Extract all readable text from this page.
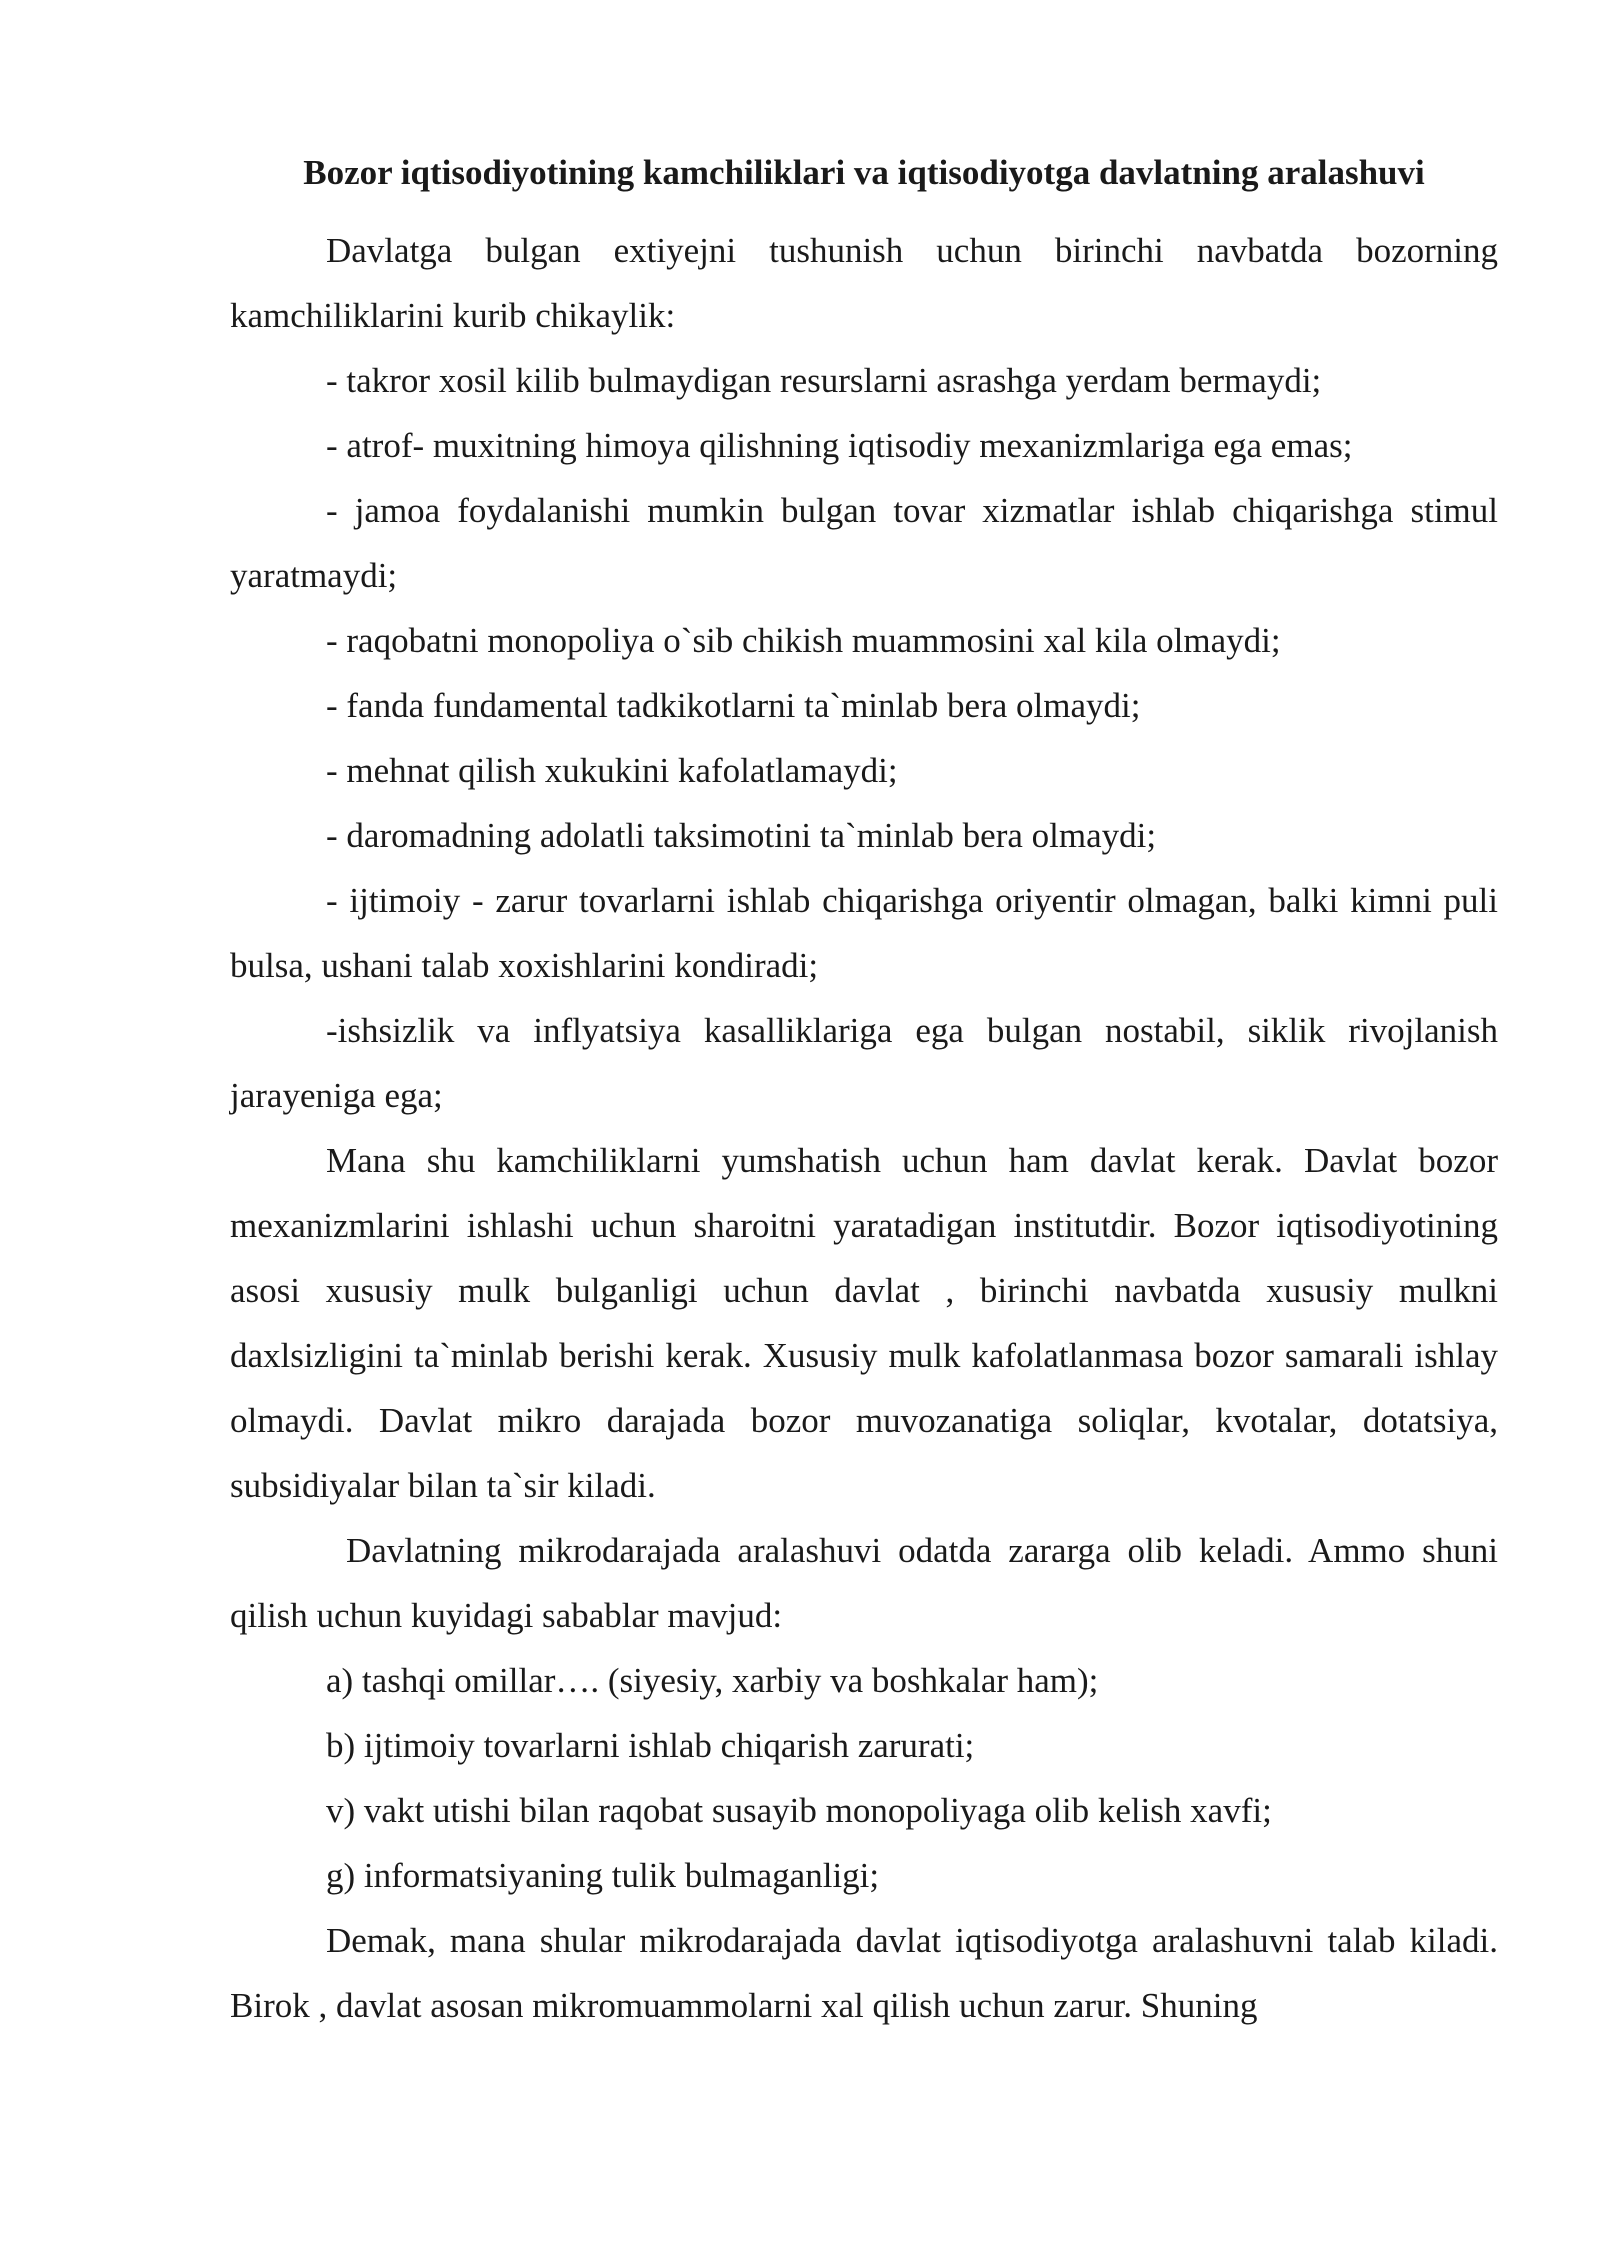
Bozor iqtisodiyotining kamchiliklari va iqtisodiyotga davlatning aralashuvi

Davlatga bulgan extiyejni tushunish uchun birinchi navbatda bozorning kamchiliklarini kurib chikaylik:

- takror xosil kilib bulmaydigan resurslarni asrashga yerdam bermaydi;
- atrof- muxitning himoya qilishning iqtisodiy mexanizmlariga ega emas;
- jamoa foydalanishi mumkin bulgan tovar xizmatlar ishlab chiqarishga stimul yaratmaydi;
- raqobatni monopoliya o`sib chikish muammosini xal kila olmaydi;
- fanda fundamental tadkikotlarni ta`minlab bera olmaydi;
- mehnat qilish xukukini kafolatlamaydi;
- daromadning adolatli taksimotini ta`minlab bera olmaydi;
- ijtimoiy - zarur tovarlarni ishlab chiqarishga oriyentir olmagan, balki kimni puli bulsa, ushani talab xoxishlarini kondiradi;
-ishsizlik va inflyatsiya kasalliklariga ega bulgan nostabil, siklik rivojlanish jarayeniga ega;

Mana shu kamchiliklarni yumshatish uchun ham davlat kerak. Davlat bozor mexanizmlarini ishlashi uchun sharoitni yaratadigan institutdir. Bozor iqtisodiyotining asosi xususiy mulk bulganligi uchun davlat , birinchi navbatda xususiy mulkni daxlsizligini ta`minlab berishi kerak. Xususiy mulk kafolatlanmasa bozor samarali ishlay olmaydi. Davlat mikro darajada bozor muvozanatiga soliqlar, kvotalar, dotatsiya, subsidiyalar bilan ta`sir kiladi.

Davlatning mikrodarajada aralashuvi odatda zararga olib keladi. Ammo shuni qilish uchun kuyidagi sabablar mavjud:

a) tashqi omillar…. (siyesiy, xarbiy va boshkalar ham);
b) ijtimoiy tovarlarni ishlab chiqarish zarurati;
v) vakt utishi bilan raqobat susayib monopoliyaga olib kelish xavfi;
g) informatsiyaning tulik bulmaganligi;

Demak, mana shular mikrodarajada davlat iqtisodiyotga aralashuvni talab kiladi. Birok , davlat asosan mikromuammolarni xal qilish uchun zarur. Shuning
